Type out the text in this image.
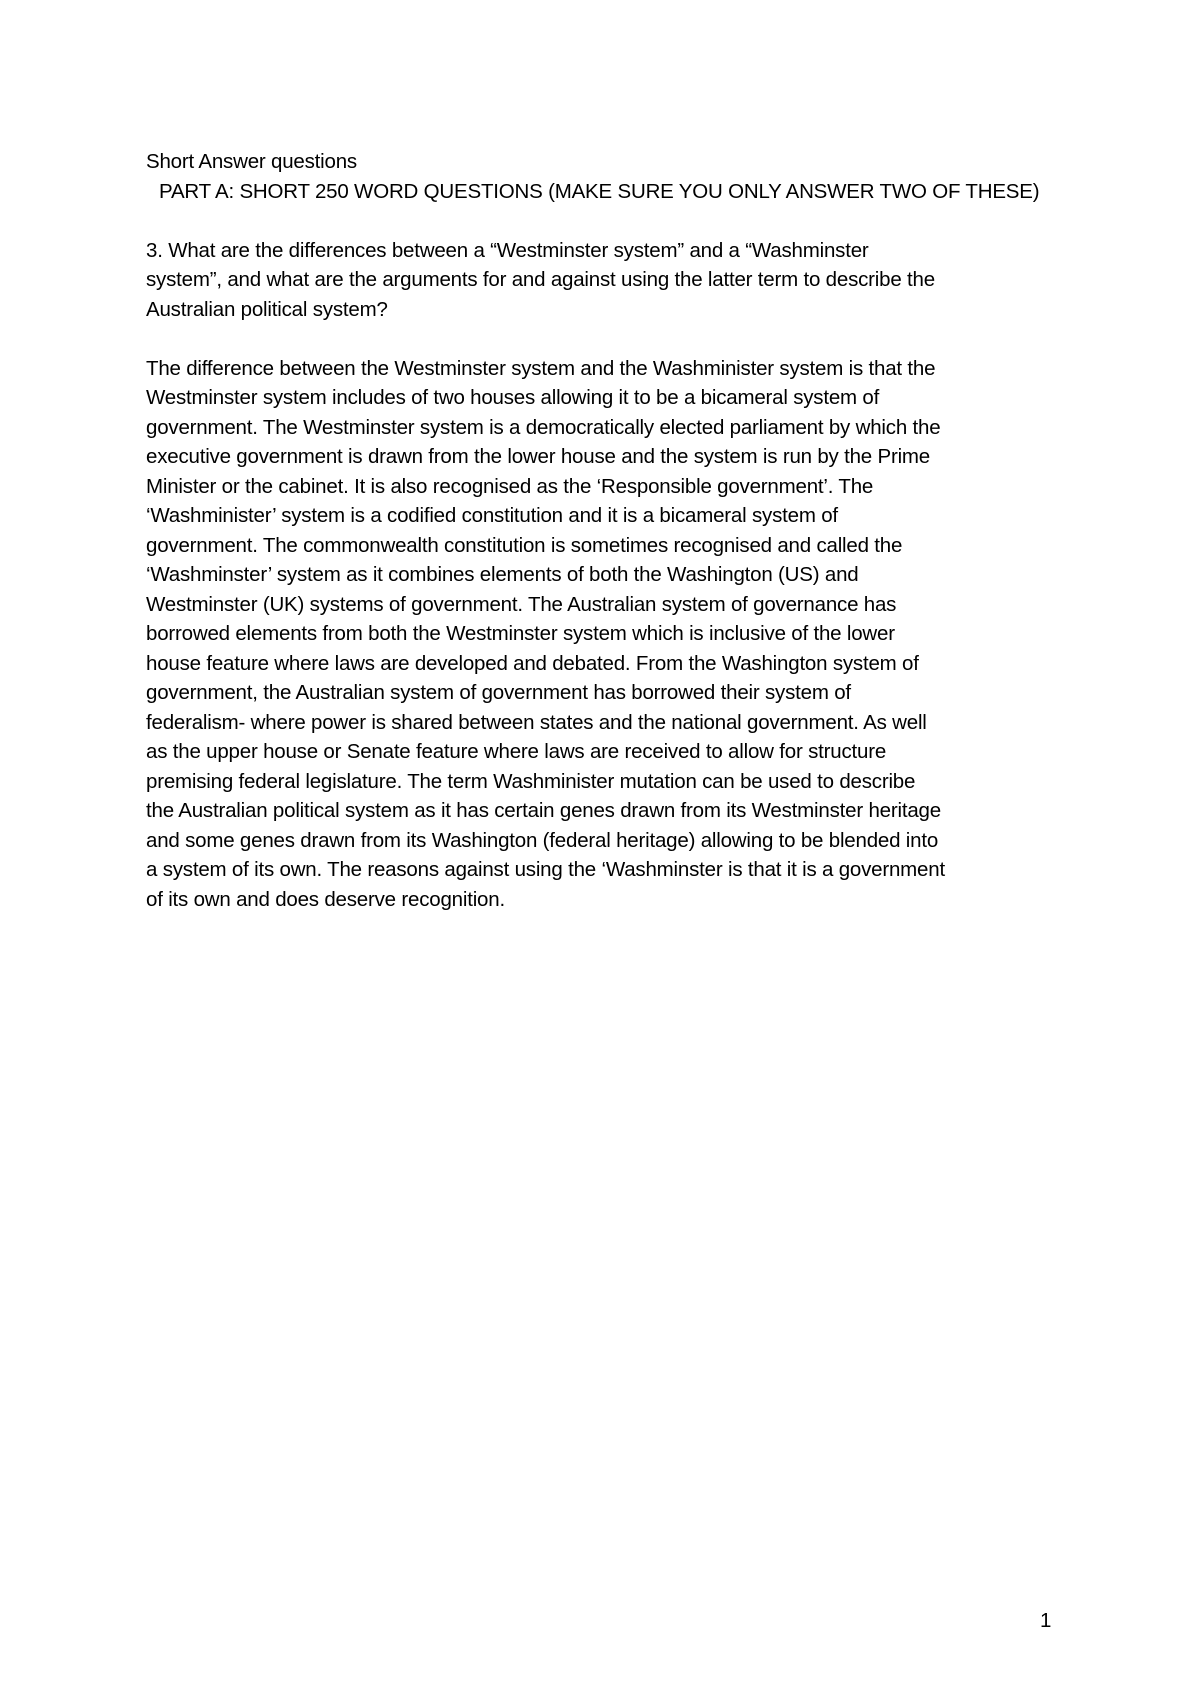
Short Answer questions
PART A: SHORT 250 WORD QUESTIONS (MAKE SURE YOU ONLY ANSWER TWO OF THESE)
3. What are the differences between a “Westminster system” and a “Washminster
system”, and what are the arguments for and against using the latter term to describe the
Australian political system?
The difference between the Westminster system and the Washminister system is that the
Westminster system includes of two houses allowing it to be a bicameral system of
government. The Westminster system is a democratically elected parliament by which the
executive government is drawn from the lower house and the system is run by the Prime
Minister or the cabinet. It is also recognised as the ‘Responsible government’. The
‘Washminister’ system is a codified constitution and it is a bicameral system of
government. The commonwealth constitution is sometimes recognised and called the
‘Washminster’ system as it combines elements of both the Washington (US) and
Westminster (UK) systems of government. The Australian system of governance has
borrowed elements from both the Westminster system which is inclusive of the lower
house feature where laws are developed and debated. From the Washington system of
government, the Australian system of government has borrowed their system of
federalism- where power is shared between states and the national government. As well
as the upper house or Senate feature where laws are received to allow for structure
premising federal legislature. The term Washminister mutation can be used to describe
the Australian political system as it has certain genes drawn from its Westminster heritage
and some genes drawn from its Washington (federal heritage) allowing to be blended into
a system of its own. The reasons against using the ‘Washminster is that it is a government
of its own and does deserve recognition.
1
